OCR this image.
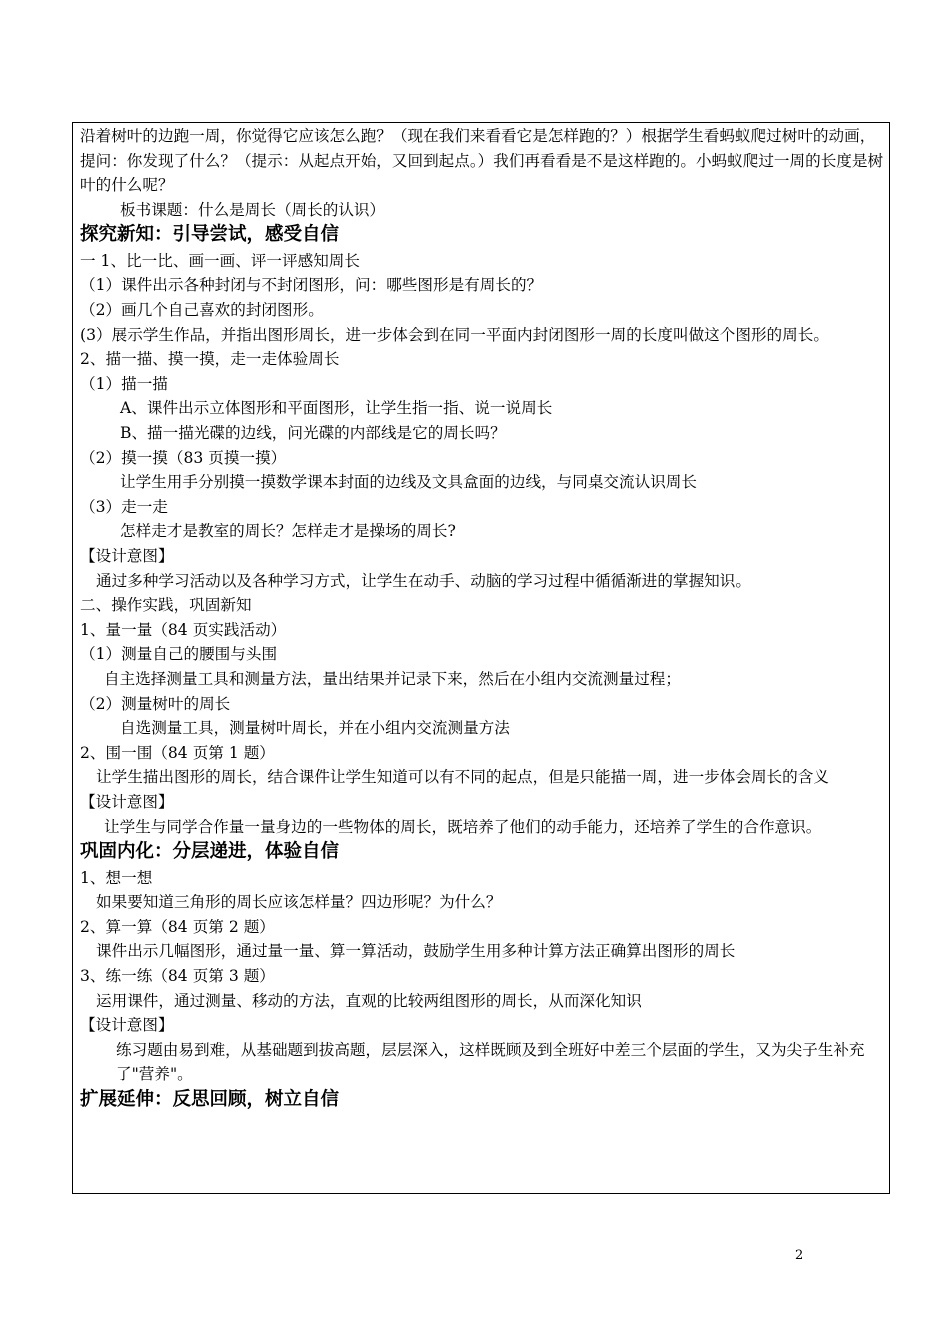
沿着树叶的边跑一周，你觉得它应该怎么跑？（现在我们来看看它是怎样跑的？）根据学生看蚂蚁爬过树叶的动画，提问：你发现了什么？（提示：从起点开始，又回到起点。）我们再看看是不是这样跑的。小蚂蚁爬过一周的长度是树叶的什么呢？

板书课题：什么是周长（周长的认识）

探究新知：引导尝试，感受自信

一 1、比一比、画一画、评一评感知周长

（1）课件出示各种封闭与不封闭图形，问：哪些图形是有周长的？

（2）画几个自己喜欢的封闭图形。

(3）展示学生作品，并指出图形周长，进一步体会到在同一平面内封闭图形一周的长度叫做这个图形的周长。

2、描一描、摸一摸，走一走体验周长

（1）描一描

A、课件出示立体图形和平面图形，让学生指一指、说一说周长

B、描一描光碟的边线，问光碟的内部线是它的周长吗？

（2）摸一摸（83 页摸一摸）

让学生用手分别摸一摸数学课本封面的边线及文具盒面的边线，与同桌交流认识周长

（3）走一走

怎样走才是教室的周长？怎样走才是操场的周长?

【设计意图】

通过多种学习活动以及各种学习方式，让学生在动手、动脑的学习过程中循循渐进的掌握知识。

二、操作实践，巩固新知

1、量一量（84 页实践活动）

（1）测量自己的腰围与头围

自主选择测量工具和测量方法，量出结果并记录下来，然后在小组内交流测量过程；

（2）测量树叶的周长

自选测量工具，测量树叶周长，并在小组内交流测量方法

2、围一围（84 页第 1 题）

让学生描出图形的周长，结合课件让学生知道可以有不同的起点，但是只能描一周，进一步体会周长的含义

【设计意图】

让学生与同学合作量一量身边的一些物体的周长，既培养了他们的动手能力，还培养了学生的合作意识。

巩固内化：分层递进，体验自信

1、想一想

如果要知道三角形的周长应该怎样量？四边形呢？为什么？

2、算一算（84 页第 2 题）

课件出示几幅图形，通过量一量、算一算活动，鼓励学生用多种计算方法正确算出图形的周长

3、练一练（84 页第 3 题）

运用课件，通过测量、移动的方法，直观的比较两组图形的周长，从而深化知识

【设计意图】

练习题由易到难，从基础题到拔高题，层层深入，这样既顾及到全班好中差三个层面的学生，又为尖子生补充了"营养"。

扩展延伸：反思回顾，树立自信

2
